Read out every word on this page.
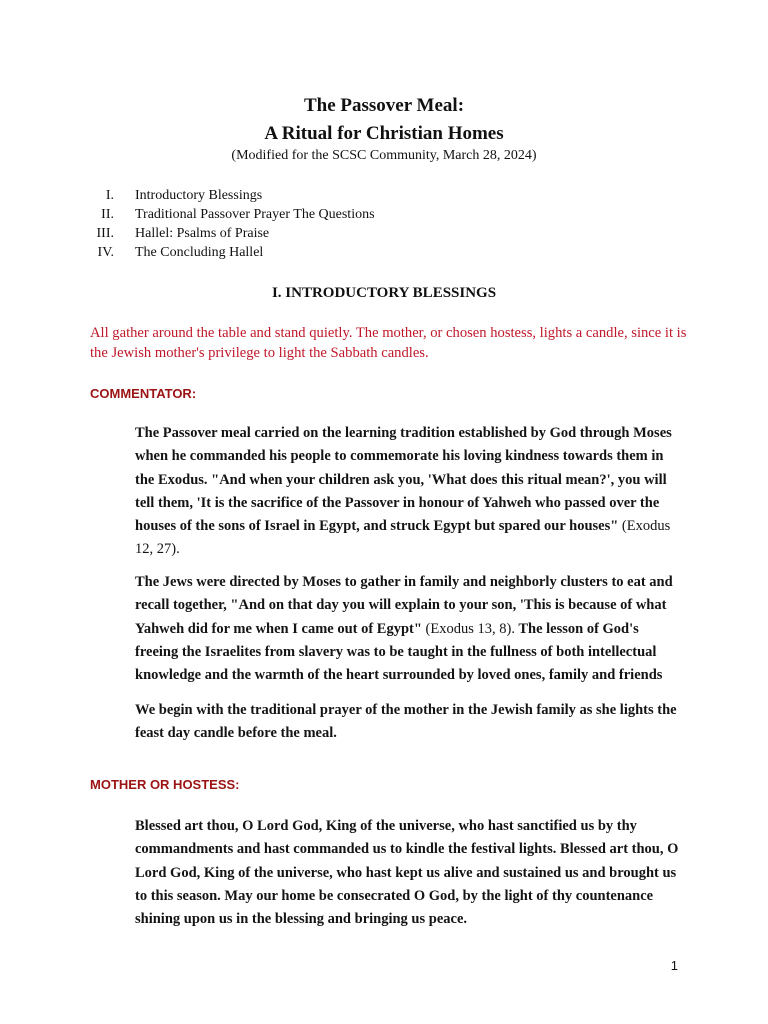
The Passover Meal:
A Ritual for Christian Homes
(Modified for the SCSC Community, March 28, 2024)
I. Introductory Blessings
II. Traditional Passover Prayer The Questions
III. Hallel: Psalms of Praise
IV. The Concluding Hallel
I. INTRODUCTORY BLESSINGS
All gather around the table and stand quietly. The mother, or chosen hostess, lights a candle, since it is the Jewish mother's privilege to light the Sabbath candles.
COMMENTATOR:
The Passover meal carried on the learning tradition established by God through Moses when he commanded his people to commemorate his loving kindness towards them in the Exodus. "And when your children ask you, 'What does this ritual mean?', you will tell them, 'It is the sacrifice of the Passover in honour of Yahweh who passed over the houses of the sons of Israel in Egypt, and struck Egypt but spared our houses" (Exodus 12, 27).
The Jews were directed by Moses to gather in family and neighborly clusters to eat and recall together, "And on that day you will explain to your son, 'This is because of what Yahweh did for me when I came out of Egypt" (Exodus 13, 8). The lesson of God's freeing the Israelites from slavery was to be taught in the fullness of both intellectual knowledge and the warmth of the heart surrounded by loved ones, family and friends
We begin with the traditional prayer of the mother in the Jewish family as she lights the feast day candle before the meal.
MOTHER OR HOSTESS:
Blessed art thou, O Lord God, King of the universe, who hast sanctified us by thy commandments and hast commanded us to kindle the festival lights. Blessed art thou, O Lord God, King of the universe, who hast kept us alive and sustained us and brought us to this season. May our home be consecrated O God, by the light of thy countenance shining upon us in the blessing and bringing us peace.
1
